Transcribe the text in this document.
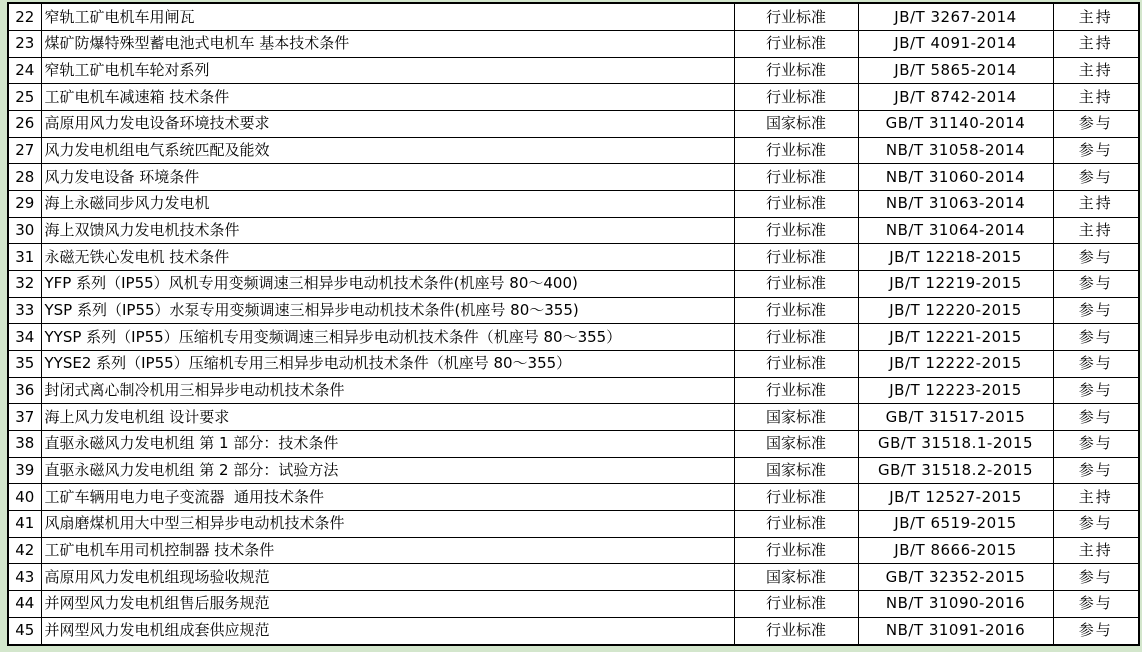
22	窄轨工矿电机车用闸瓦	行业标准	JB/T 3267-2014	主持
23	煤矿防爆特殊型蓄电池式电机车 基本技术条件	行业标准	JB/T 4091-2014	主持
24	窄轨工矿电机车轮对系列	行业标准	JB/T 5865-2014	主持
25	工矿电机车减速箱 技术条件	行业标准	JB/T 8742-2014	主持
26	高原用风力发电设备环境技术要求	国家标准	GB/T 31140-2014	参与
27	风力发电机组电气系统匹配及能效	行业标准	NB/T 31058-2014	参与
28	风力发电设备 环境条件	行业标准	NB/T 31060-2014	参与
29	海上永磁同步风力发电机	行业标准	NB/T 31063-2014	主持
30	海上双馈风力发电机技术条件	行业标准	NB/T 31064-2014	主持
31	永磁无铁心发电机 技术条件	行业标准	JB/T 12218-2015	参与
32	YFP 系列（IP55）风机专用变频调速三相异步电动机技术条件(机座号 80～400)	行业标准	JB/T 12219-2015	参与
33	YSP 系列（IP55）水泵专用变频调速三相异步电动机技术条件(机座号 80～355)	行业标准	JB/T 12220-2015	参与
34	YYSP 系列（IP55）压缩机专用变频调速三相异步电动机技术条件（机座号 80～355）	行业标准	JB/T 12221-2015	参与
35	YYSE2 系列（IP55）压缩机专用三相异步电动机技术条件（机座号 80～355）	行业标准	JB/T 12222-2015	参与
36	封闭式离心制冷机用三相异步电动机技术条件	行业标准	JB/T 12223-2015	参与
37	海上风力发电机组 设计要求	国家标准	GB/T 31517-2015	参与
38	直驱永磁风力发电机组 第 1 部分：技术条件	国家标准	GB/T 31518.1-2015	参与
39	直驱永磁风力发电机组 第 2 部分：试验方法	国家标准	GB/T 31518.2-2015	参与
40	工矿车辆用电力电子变流器  通用技术条件	行业标准	JB/T 12527-2015	主持
41	风扇磨煤机用大中型三相异步电动机技术条件	行业标准	JB/T 6519-2015	参与
42	工矿电机车用司机控制器 技术条件	行业标准	JB/T 8666-2015	主持
43	高原用风力发电机组现场验收规范	国家标准	GB/T 32352-2015	参与
44	并网型风力发电机组售后服务规范	行业标准	NB/T 31090-2016	参与
45	并网型风力发电机组成套供应规范	行业标准	NB/T 31091-2016	参与
